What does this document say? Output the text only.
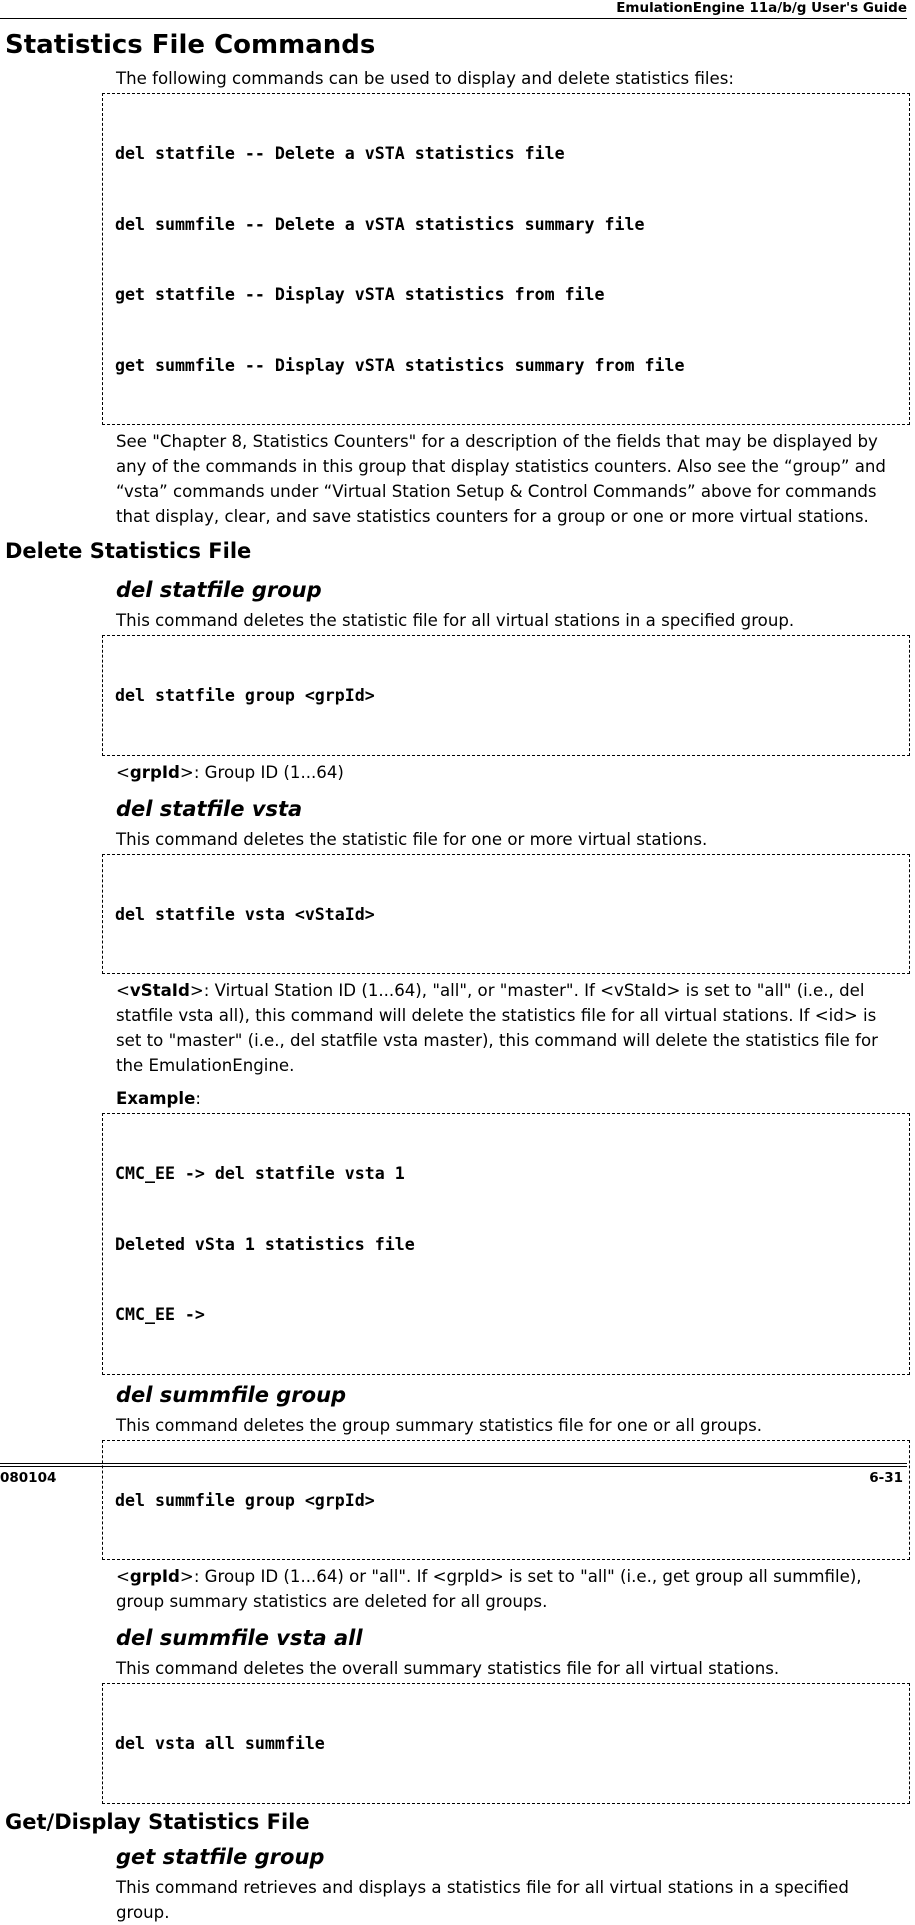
EmulationEngine 11a/b/g User's Guide
Statistics File Commands
The following commands can be used to display and delete statistics files:

del statfile -- Delete a vSTA statistics file

del summfile -- Delete a vSTA statistics summary file

get statfile -- Display vSTA statistics from file

get summfile -- Display vSTA statistics summary from file

See "Chapter 8, Statistics Counters" for a description of the fields that may be displayed by any of the commands in this group that display statistics counters. Also see the “group” and “vsta” commands under “Virtual Station Setup & Control Commands” above for commands that display, clear, and save statistics counters for a group or one or more virtual stations.
Delete Statistics File
del statfile group
This command deletes the statistic file for all virtual stations in a specified group.

del statfile group <grpId>

<grpId>: Group ID (1...64)
del statfile vsta
This command deletes the statistic file for one or more virtual stations.

del statfile vsta <vStaId>

<vStaId>: Virtual Station ID (1...64), "all", or "master". If <vStaId> is set to "all" (i.e., del statfile vsta all), this command will delete the statistics file for all virtual stations. If <id> is set to "master" (i.e., del statfile vsta master), this command will delete the statistics file for the EmulationEngine.
Example:

CMC_EE -> del statfile vsta 1

Deleted vSta 1 statistics file

CMC_EE ->

del summfile group
This command deletes the group summary statistics file for one or all groups.

del summfile group <grpId>

<grpId>: Group ID (1...64) or "all". If <grpId> is set to "all" (i.e., get group all summfile), group summary statistics are deleted for all groups.
del summfile vsta all
This command deletes the overall summary statistics file for all virtual stations.

del vsta all summfile

Get/Display Statistics File
get statfile group
This command retrieves and displays a statistics file for all virtual stations in a specified group.
080104	6-31
